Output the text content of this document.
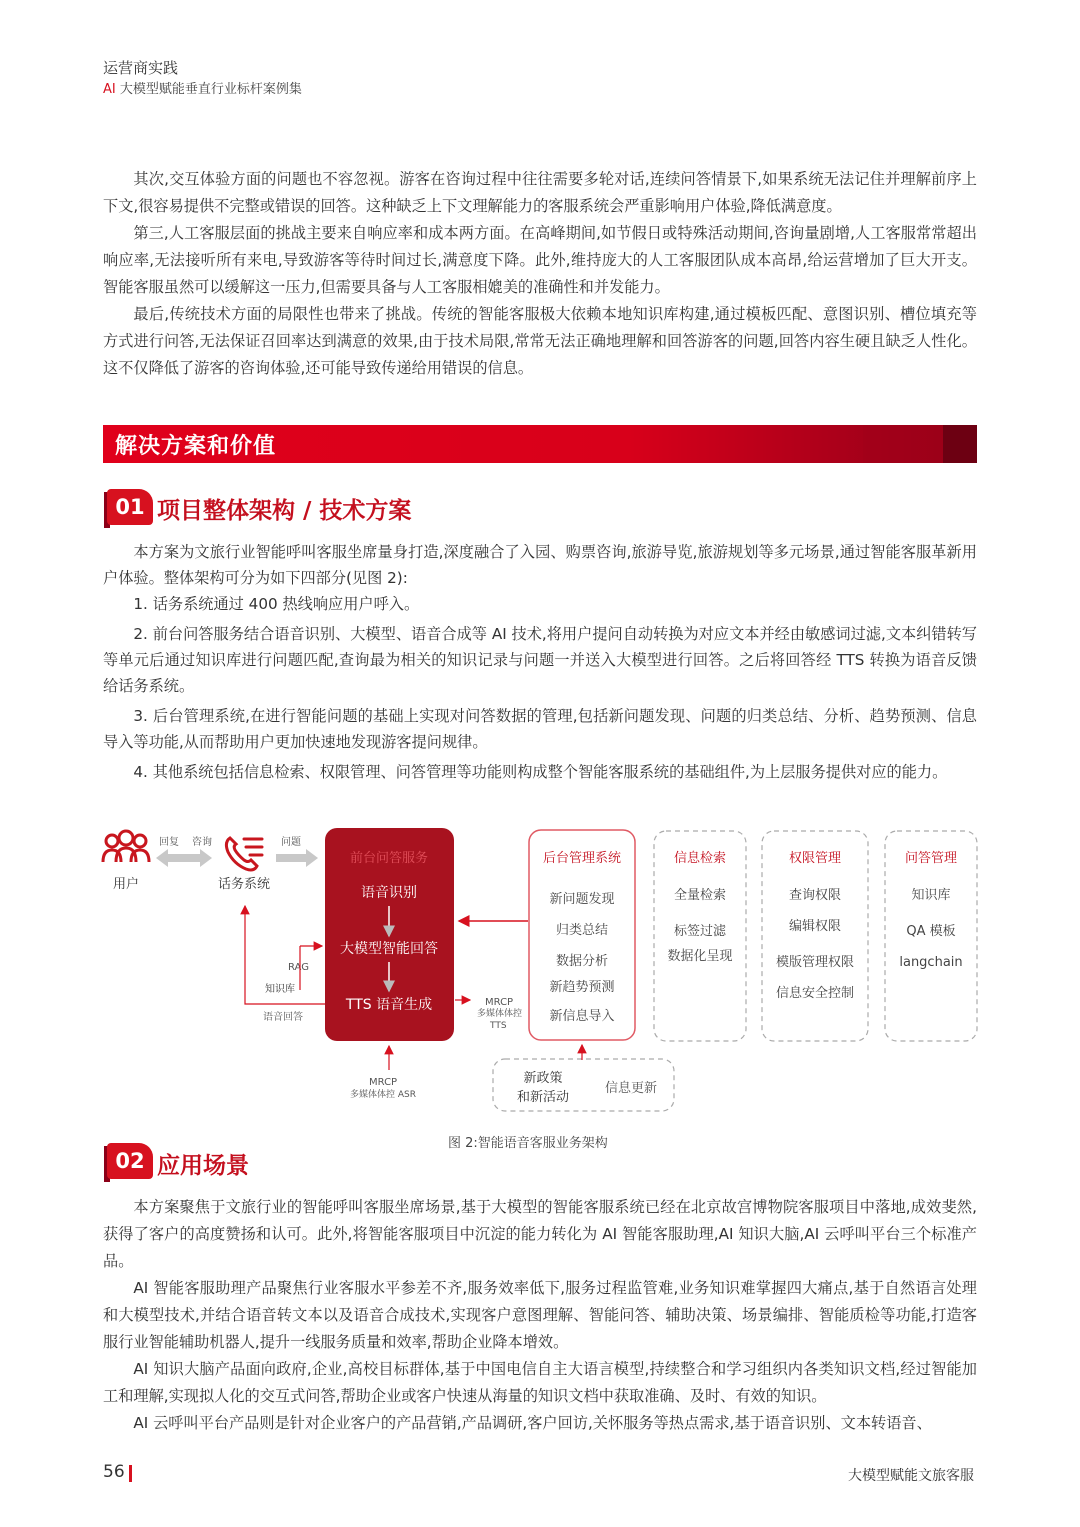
运营商实践
AI 大模型赋能垂直行业标杆案例集

其次,交互体验方面的问题也不容忽视。游客在咨询过程中往往需要多轮对话,连续问答情景下,如果系统无法记住并理解前序上下文,很容易提供不完整或错误的回答。这种缺乏上下文理解能力的客服系统会严重影响用户体验,降低满意度。

第三,人工客服层面的挑战主要来自响应率和成本两方面。在高峰期间,如节假日或特殊活动期间,咨询量剧增,人工客服常常超出响应率,无法接听所有来电,导致游客等待时间过长,满意度下降。此外,维持庞大的人工客服团队成本高昂,给运营增加了巨大开支。智能客服虽然可以缓解这一压力,但需要具备与人工客服相媲美的准确性和并发能力。

最后,传统技术方面的局限性也带来了挑战。传统的智能客服极大依赖本地知识库构建,通过模板匹配、意图识别、槽位填充等方式进行问答,无法保证召回率达到满意的效果,由于技术局限,常常无法正确地理解和回答游客的问题,回答内容生硬且缺乏人性化。这不仅降低了游客的咨询体验,还可能导致传递给用错误的信息。

解决方案和价值
01 项目整体架构 / 技术方案

本方案为文旅行业智能呼叫客服坐席量身打造,深度融合了入园、购票咨询,旅游导览,旅游规划等多元场景,通过智能客服革新用户体验。整体架构可分为如下四部分(见图 2):

1. 话务系统通过 400 热线响应用户呼入。

2. 前台问答服务结合语音识别、大模型、语音合成等 AI 技术,将用户提问自动转换为对应文本并经由敏感词过滤,文本纠错转写等单元后通过知识库进行问题匹配,查询最为相关的知识记录与问题一并送入大模型进行回答。之后将回答经 TTS 转换为语音反馈给话务系统。

3. 后台管理系统,在进行智能问题的基础上实现对问答数据的管理,包括新问题发现、问题的归类总结、分析、趋势预测、信息导入等功能,从而帮助用户更加快速地发现游客提问规律。

4. 其他系统包括信息检索、权限管理、问答管理等功能则构成整个智能客服系统的基础组件,为上层服务提供对应的能力。

用户
回复 咨询
话务系统
问题
前台问答服务
语音识别
大模型智能回答
TTS 语音生成
RAG
知识库
语音回答
MRCP
多媒体体控
TTS
MRCP
多媒体体控 ASR
后台管理系统
新问题发现
归类总结
数据分析
新趋势预测
新信息导入
信息检索
全量检索
标签过滤
数据化呈现
权限管理
查询权限
编辑权限
模版管理权限
信息安全控制
问答管理
知识库
QA 模板
langchain
新政策
和新活动
信息更新
图 2:智能语音客服业务架构
02 应用场景

本方案聚焦于文旅行业的智能呼叫客服坐席场景,基于大模型的智能客服系统已经在北京故宫博物院客服项目中落地,成效斐然,获得了客户的高度赞扬和认可。此外,将智能客服项目中沉淀的能力转化为 AI 智能客服助理,AI 知识大脑,AI 云呼叫平台三个标准产品。

AI 智能客服助理产品聚焦行业客服水平参差不齐,服务效率低下,服务过程监管难,业务知识难掌握四大痛点,基于自然语言处理和大模型技术,并结合语音转文本以及语音合成技术,实现客户意图理解、智能问答、辅助决策、场景编排、智能质检等功能,打造客服行业智能辅助机器人,提升一线服务质量和效率,帮助企业降本增效。

AI 知识大脑产品面向政府,企业,高校目标群体,基于中国电信自主大语言模型,持续整合和学习组织内各类知识文档,经过智能加工和理解,实现拟人化的交互式问答,帮助企业或客户快速从海量的知识文档中获取准确、及时、有效的知识。

AI 云呼叫平台产品则是针对企业客户的产品营销,产品调研,客户回访,关怀服务等热点需求,基于语音识别、文本转语音、

56	大模型赋能文旅客服
